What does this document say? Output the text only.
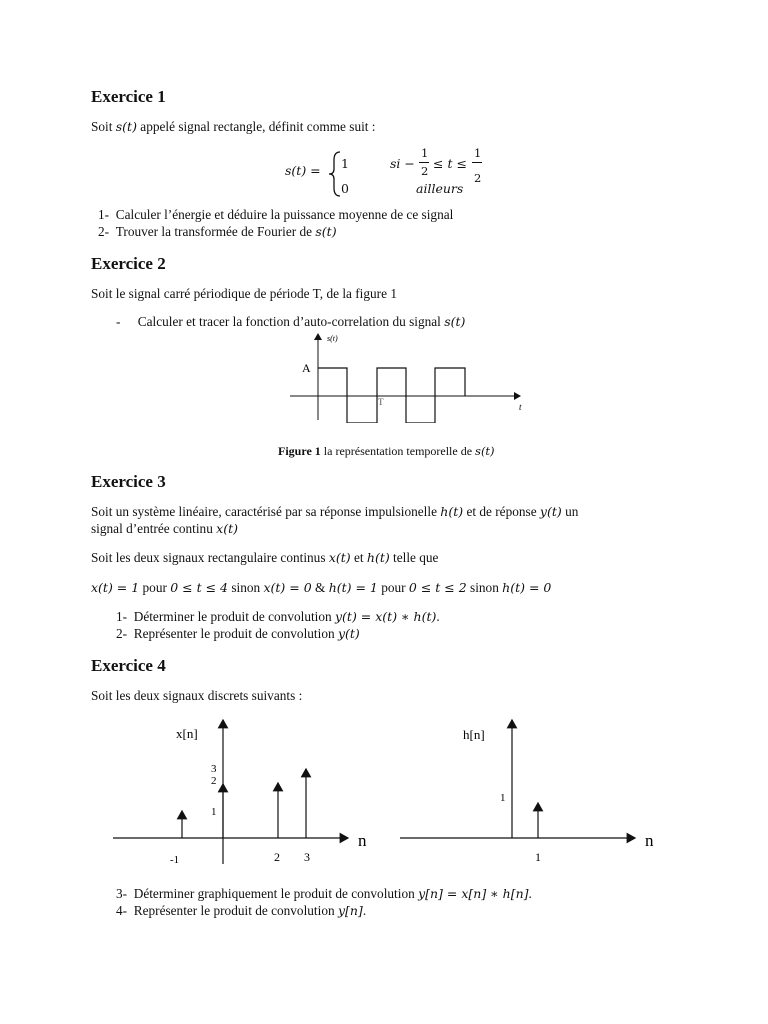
Exercice 1
Soit s(t) appelé signal rectangle, définit comme suit :
s(t) = 1
0
si −
1
2 ≤ t ≤
1
2
ailleurs
1- Calculer l’énergie et déduire la puissance moyenne de ce signal
2- Trouver la transformée de Fourier de s(t)
Exercice 2
Soit le signal carré périodique de période T, de la figure 1
- Calculer et tracer la fonction d’auto-correlation du signal s(t)
s(t)
A
T	t
Figure 1 la représentation temporelle de s(t)
Exercice 3
Soit un système linéaire, caractérisé par sa réponse impulsionelle h(t) et de réponse y(t) un
signal d’entrée continu x(t)
Soit les deux signaux rectangulaire continus x(t) et h(t) telle que
x(t) = 1 pour 0 ≤ t ≤ 4 sinon x(t) = 0 & h(t) = 1 pour 0 ≤ t ≤ 2 sinon h(t) = 0
1- Déterminer le produit de convolution y(t) = x(t) ∗ h(t).
2- Représenter le produit de convolution y(t)
Exercice 4
Soit les deux signaux discrets suivants :
x[n]
n
-1	2 3
3
2
1
h[n]
n
1
1
3- Déterminer graphiquement le produit de convolution y[n] = x[n] ∗ h[n].
4- Représenter le produit de convolution y[n].
